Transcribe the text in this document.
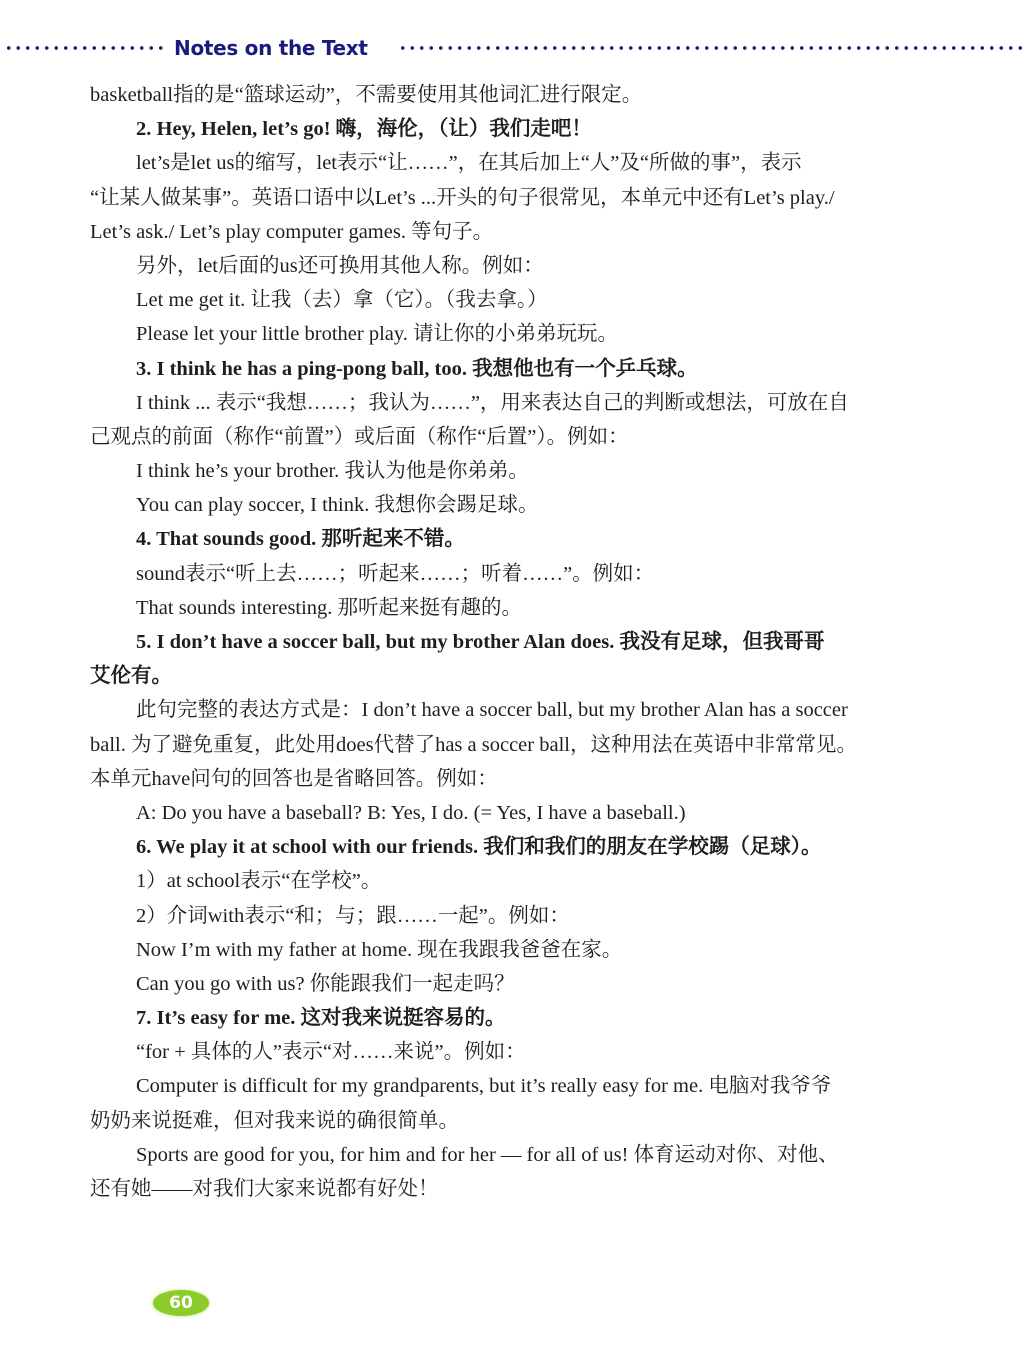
Notes on the Text
basketball指的是“篮球运动”，不需要使用其他词汇进行限定。
2. Hey, Helen, let’s go! 嗨，海伦，（让）我们走吧！
let’s是let us的缩写，let表示“让……”，在其后加上“人”及“所做的事”，表示
“让某人做某事”。英语口语中以Let’s ...开头的句子很常见，本单元中还有Let’s play./
Let’s ask./ Let’s play computer games. 等句子。
另外，let后面的us还可换用其他人称。例如：
Let me get it. 让我（去）拿（它）。（我去拿。）
Please let your little brother play. 请让你的小弟弟玩玩。
3. I think he has a ping-pong ball, too. 我想他也有一个乒乓球。
I think ... 表示“我想……；我认为……”，用来表达自己的判断或想法，可放在自
己观点的前面（称作“前置”）或后面（称作“后置”）。例如：
I think he’s your brother. 我认为他是你弟弟。
You can play soccer, I think. 我想你会踢足球。
4. That sounds good. 那听起来不错。
sound表示“听上去……；听起来……；听着……”。例如：
That sounds interesting. 那听起来挺有趣的。
5. I don’t have a soccer ball, but my brother Alan does. 我没有足球，但我哥哥
艾伦有。
此句完整的表达方式是：I don’t have a soccer ball, but my brother Alan has a soccer
ball. 为了避免重复，此处用does代替了has a soccer ball，这种用法在英语中非常常见。
本单元have问句的回答也是省略回答。例如：
A: Do you have a baseball? B: Yes, I do. (= Yes, I have a baseball.)
6. We play it at school with our friends. 我们和我们的朋友在学校踢（足球）。
1）at school表示“在学校”。
2）介词with表示“和；与；跟……一起”。例如：
Now I’m with my father at home. 现在我跟我爸爸在家。
Can you go with us? 你能跟我们一起走吗？
7. It’s easy for me. 这对我来说挺容易的。
“for + 具体的人”表示“对……来说”。例如：
Computer is difficult for my grandparents, but it’s really easy for me. 电脑对我爷爷
奶奶来说挺难，但对我来说的确很简单。
Sports are good for you, for him and for her — for all of us! 体育运动对你、对他、
还有她——对我们大家来说都有好处！
60
